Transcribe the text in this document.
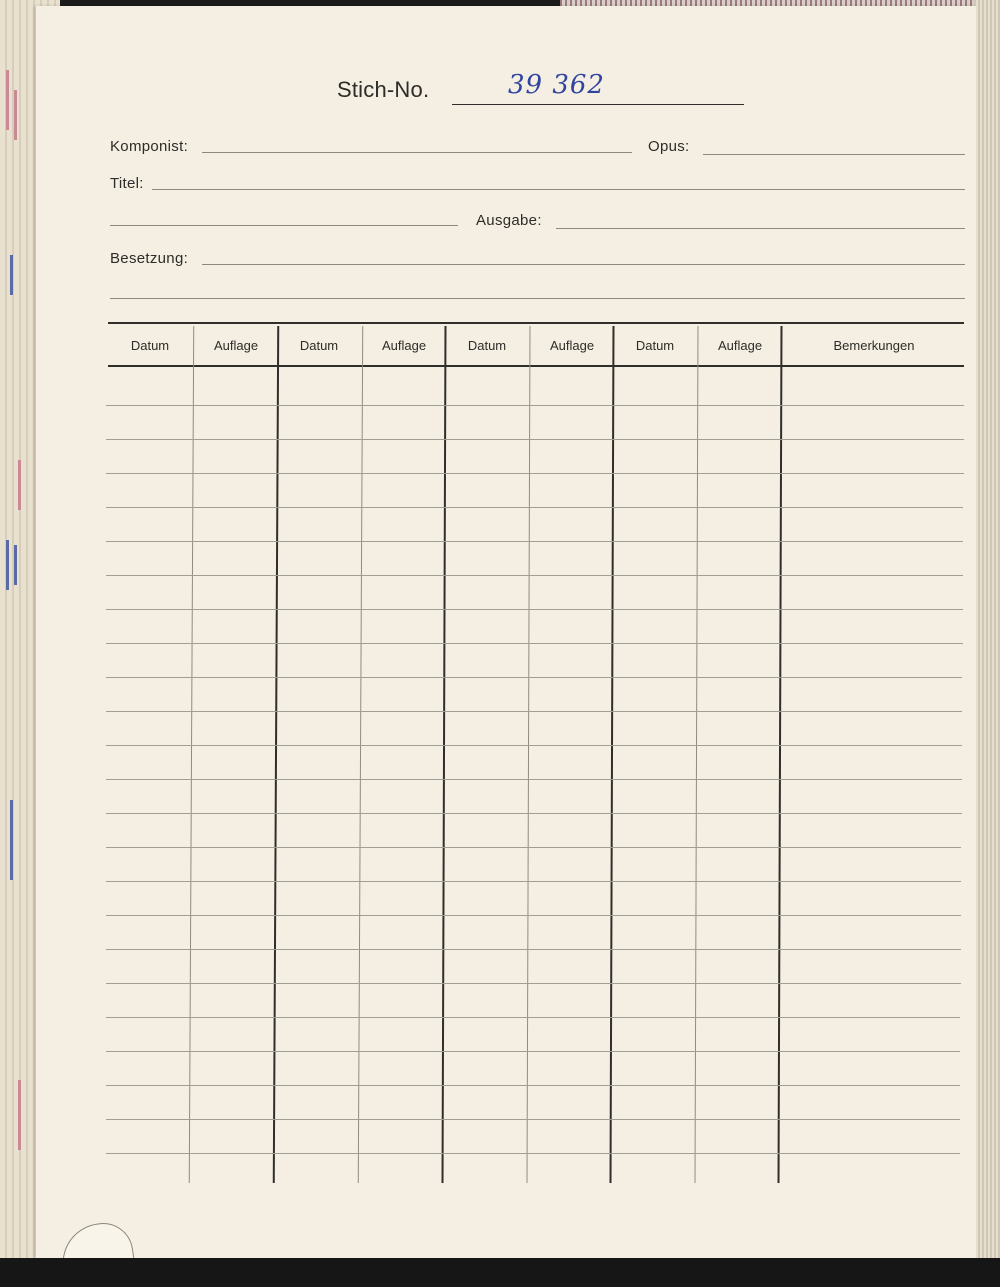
Stich-No.	39 362
Komponist:	Opus:
Titel:
Ausgabe:
Besetzung:
Datum	Auflage	Datum	Auflage	Datum	Auflage	Datum	Auflage	Bemerkungen
